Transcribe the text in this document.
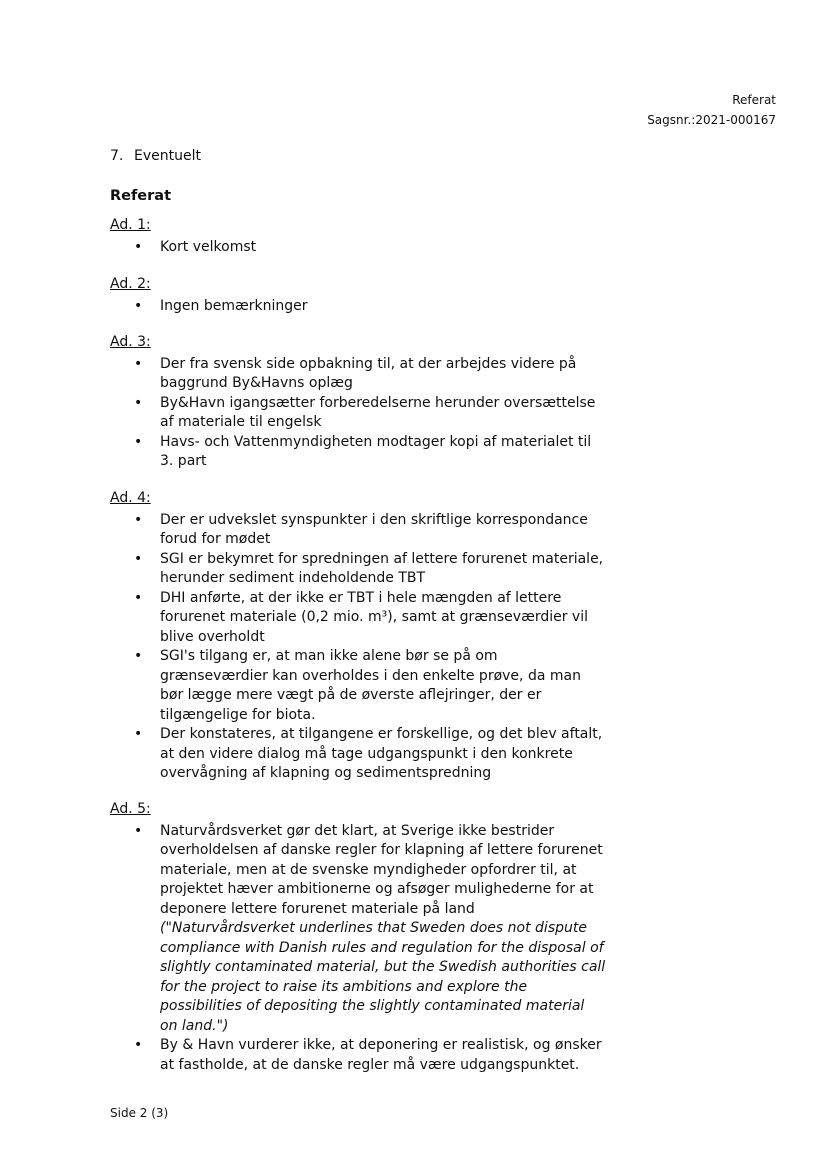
Referat
Sagsnr.:2021-000167
7. Eventuelt
Referat
Ad. 1:
• Kort velkomst
Ad. 2:
• Ingen bemærkninger
Ad. 3:
• Der fra svensk side opbakning til, at der arbejdes videre på baggrund By&Havns oplæg
• By&Havn igangsætter forberedelserne herunder oversættelse af materiale til engelsk
• Havs- och Vattenmyndigheten modtager kopi af materialet til 3. part
Ad. 4:
• Der er udvekslet synspunkter i den skriftlige korrespondance forud for mødet
• SGI er bekymret for spredningen af lettere forurenet materiale, herunder sediment indeholdende TBT
• DHI anførte, at der ikke er TBT i hele mængden af lettere forurenet materiale (0,2 mio. m³), samt at grænseværdier vil blive overholdt
• SGI's tilgang er, at man ikke alene bør se på om grænseværdier kan overholdes i den enkelte prøve, da man bør lægge mere vægt på de øverste aflejringer, der er tilgængelige for biota.
• Der konstateres, at tilgangene er forskellige, og det blev aftalt, at den videre dialog må tage udgangspunkt i den konkrete overvågning af klapning og sedimentspredning
Ad. 5:
• Naturvårdsverket gør det klart, at Sverige ikke bestrider overholdelsen af danske regler for klapning af lettere forurenet materiale, men at de svenske myndigheder opfordrer til, at projektet hæver ambitionerne og afsøger mulighederne for at deponere lettere forurenet materiale på land
("Naturvårdsverket underlines that Sweden does not dispute compliance with Danish rules and regulation for the disposal of slightly contaminated material, but the Swedish authorities call for the project to raise its ambitions and explore the possibilities of depositing the slightly contaminated material on land.")
• By & Havn vurderer ikke, at deponering er realistisk, og ønsker at fastholde, at de danske regler må være udgangspunktet.
Side 2 (3)
